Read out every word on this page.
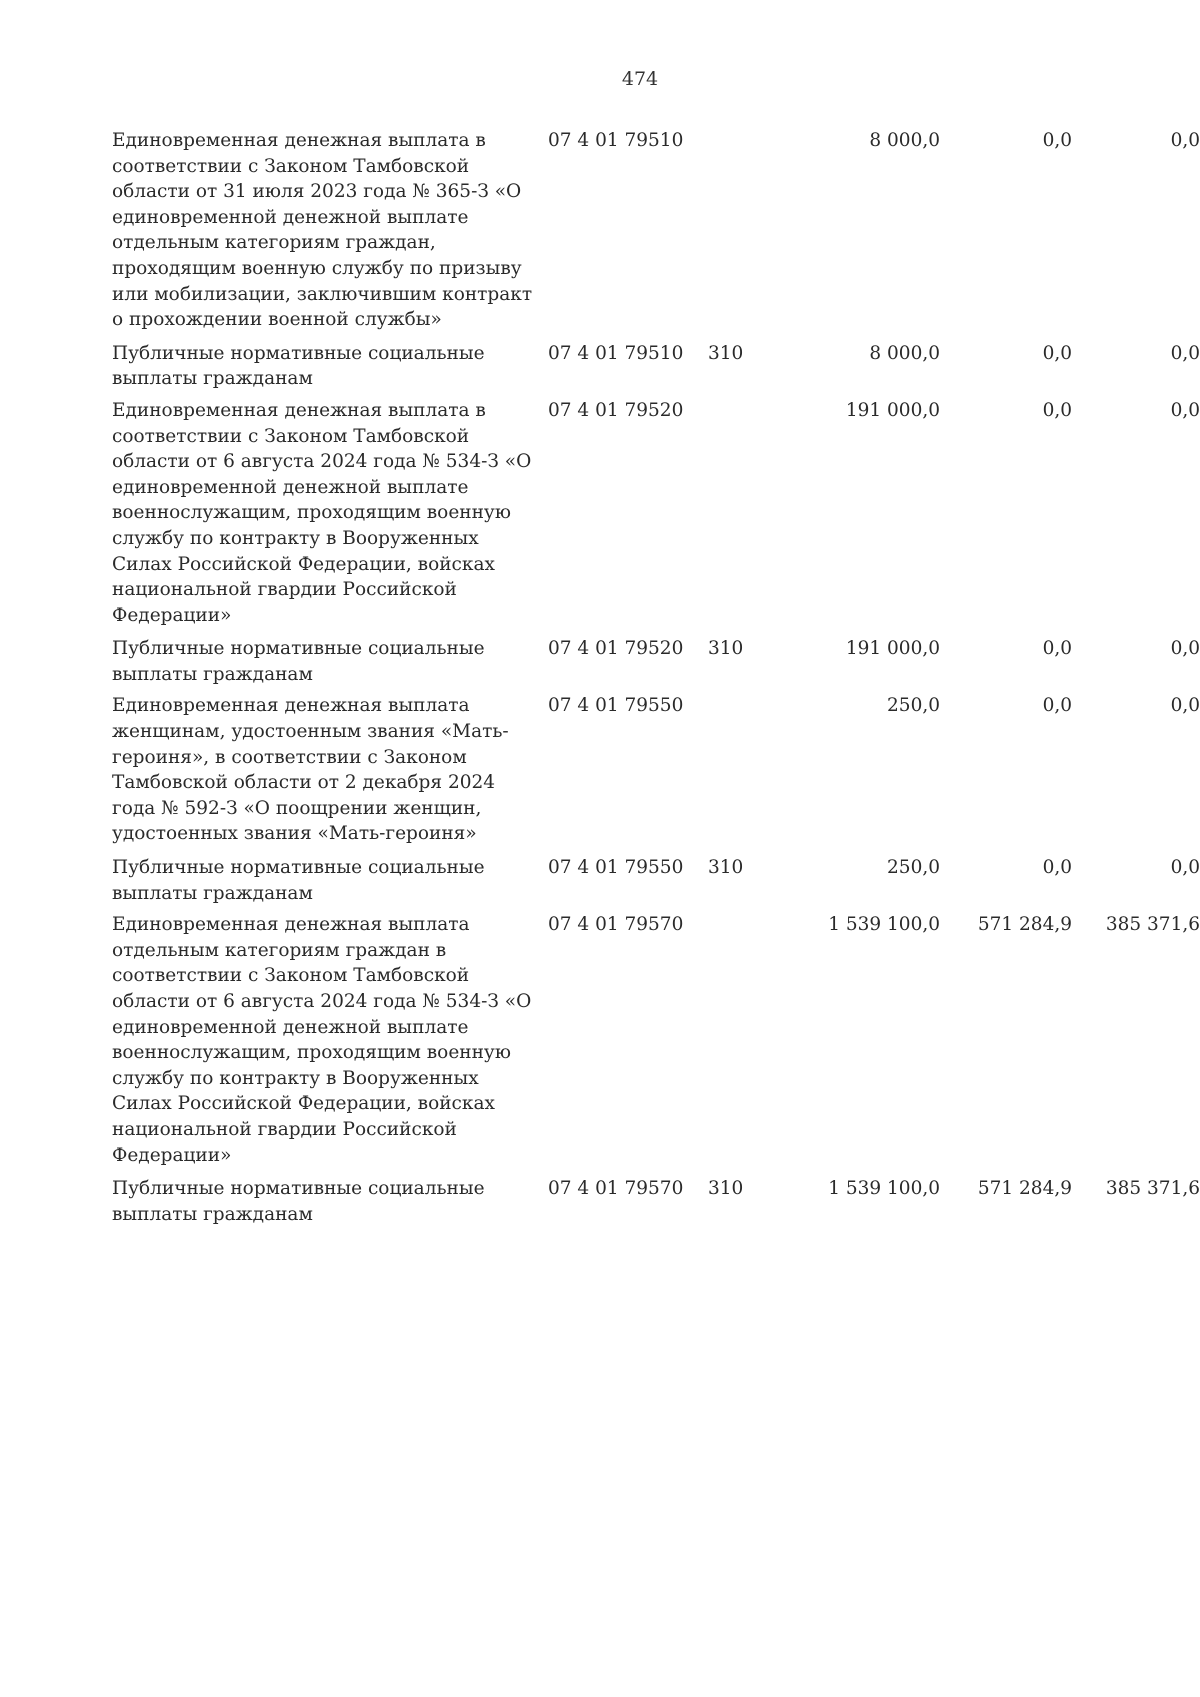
474
Единовременная денежная выплата в соответствии с Законом Тамбовской области от 31 июля 2023 года № 365-З «О единовременной денежной выплате отдельным категориям граждан, проходящим военную службу по призыву или мобилизации, заключившим контракт о прохождении военной службы»	07 4 01 79510		8 000,0	0,0	0,0
Публичные нормативные социальные выплаты гражданам	07 4 01 79510	310	8 000,0	0,0	0,0
Единовременная денежная выплата в соответствии с Законом Тамбовской области от 6 августа 2024 года № 534-З «О единовременной денежной выплате военнослужащим, проходящим военную службу по контракту в Вооруженных Силах Российской Федерации, войсках национальной гвардии Российской Федерации»	07 4 01 79520		191 000,0	0,0	0,0
Публичные нормативные социальные выплаты гражданам	07 4 01 79520	310	191 000,0	0,0	0,0
Единовременная денежная выплата женщинам, удостоенным звания «Мать-героиня», в соответствии с Законом Тамбовской области от 2 декабря 2024 года № 592-З «О поощрении женщин, удостоенных звания «Мать-героиня»	07 4 01 79550		250,0	0,0	0,0
Публичные нормативные социальные выплаты гражданам	07 4 01 79550	310	250,0	0,0	0,0
Единовременная денежная выплата отдельным категориям граждан в соответствии с Законом Тамбовской области от 6 августа 2024 года № 534-З «О единовременной денежной выплате военнослужащим, проходящим военную службу по контракту в Вооруженных Силах Российской Федерации, войсках национальной гвардии Российской Федерации»	07 4 01 79570		1 539 100,0	571 284,9	385 371,6
Публичные нормативные социальные выплаты гражданам	07 4 01 79570	310	1 539 100,0	571 284,9	385 371,6
